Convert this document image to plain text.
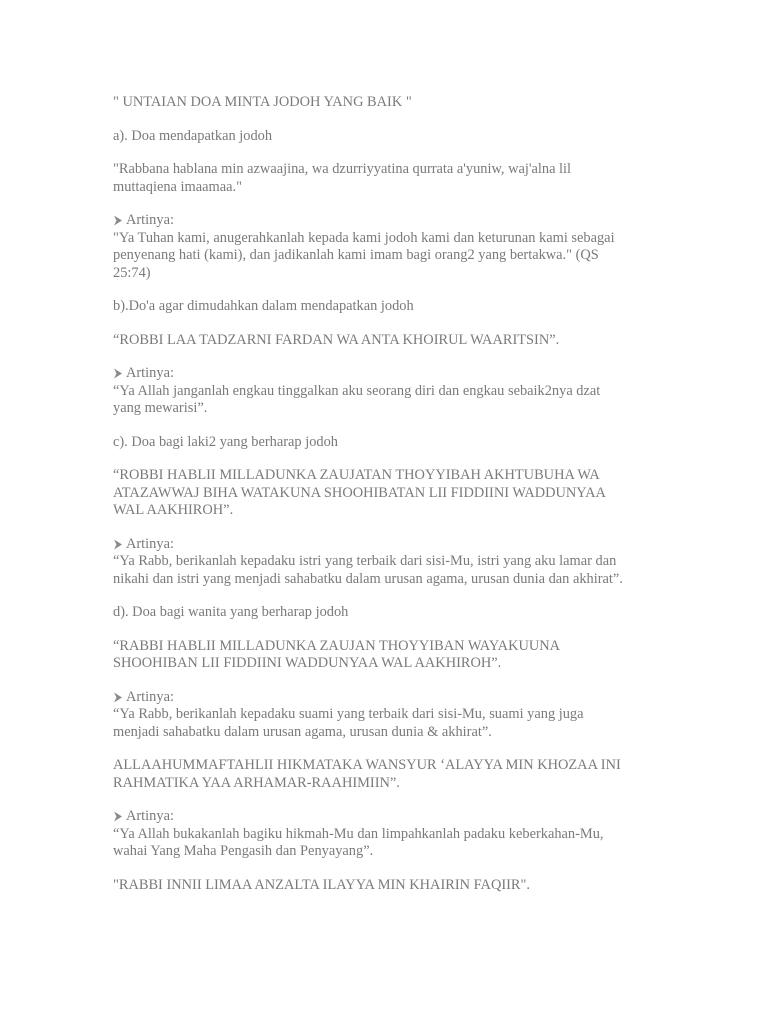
" UNTAIAN DOA MINTA JODOH YANG BAIK "

a). Doa mendapatkan jodoh

"Rabbana hablana min azwaajina, wa dzurriyyatina qurrata a'yuniw, waj'alna lil
muttaqiena imaamaa."

Artinya:

"Ya Tuhan kami, anugerahkanlah kepada kami jodoh kami dan keturunan kami sebagai
penyenang hati (kami), dan jadikanlah kami imam bagi orang2 yang bertakwa." (QS
25:74)

b).Do'a agar dimudahkan dalam mendapatkan jodoh

“ROBBI LAA TADZARNI FARDAN WA ANTA KHOIRUL WAARITSIN”.

Artinya:

“Ya Allah janganlah engkau tinggalkan aku seorang diri dan engkau sebaik2nya dzat
yang mewarisi”.

c). Doa bagi laki2 yang berharap jodoh

“ROBBI HABLII MILLADUNKA ZAUJATAN THOYYIBAH AKHTUBUHA WA
ATAZAWWAJ BIHA WATAKUNA SHOOHIBATAN LII FIDDIINI WADDUNYAA
WAL AAKHIROH”.

Artinya:

“Ya Rabb, berikanlah kepadaku istri yang terbaik dari sisi-Mu, istri yang aku lamar dan
nikahi dan istri yang menjadi sahabatku dalam urusan agama, urusan dunia dan akhirat”.

d). Doa bagi wanita yang berharap jodoh

“RABBI HABLII MILLADUNKA ZAUJAN THOYYIBAN WAYAKUUNA
SHOOHIBAN LII FIDDIINI WADDUNYAA WAL AAKHIROH”.

Artinya:

“Ya Rabb, berikanlah kepadaku suami yang terbaik dari sisi-Mu, suami yang juga
menjadi sahabatku dalam urusan agama, urusan dunia & akhirat”.

ALLAAHUMMAFTAHLII HIKMATAKA WANSYUR ‘ALAYYA MIN KHOZAA INI
RAHMATIKA YAA ARHAMAR-RAAHIMIIN”.

Artinya:

“Ya Allah bukakanlah bagiku hikmah-Mu dan limpahkanlah padaku keberkahan-Mu,
wahai Yang Maha Pengasih dan Penyayang”.

"RABBI INNII LIMAA ANZALTA ILAYYA MIN KHAIRIN FAQIIR".
